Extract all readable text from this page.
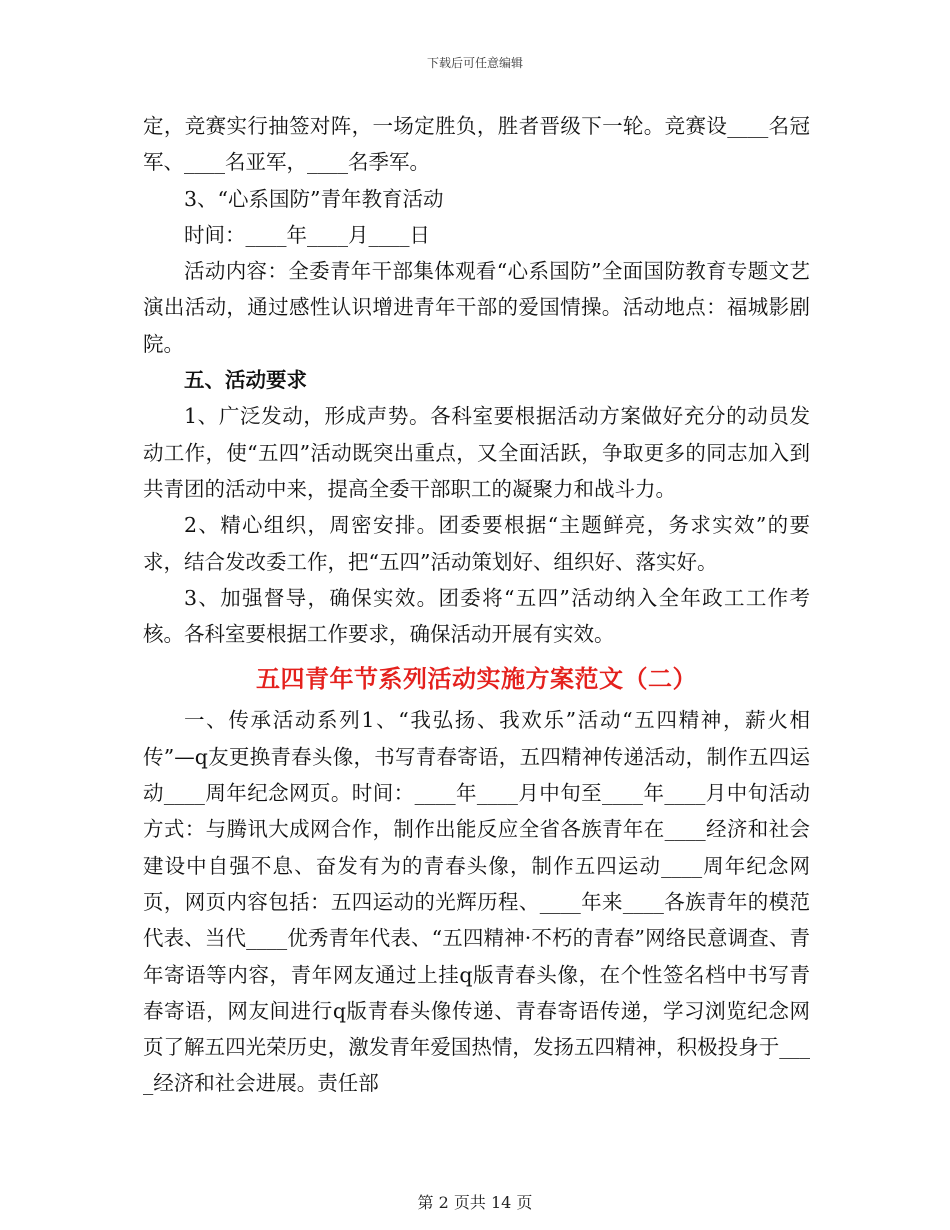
下载后可任意编辑

定，竞赛实行抽签对阵，一场定胜负，胜者晋级下一轮。竞赛设____名冠军、____名亚军，____名季军。

3、“心系国防”青年教育活动

时间：____年____月____日

活动内容：全委青年干部集体观看“心系国防”全面国防教育专题文艺演出活动，通过感性认识增进青年干部的爱国情操。活动地点：福城影剧院。

五、活动要求

1、广泛发动，形成声势。各科室要根据活动方案做好充分的动员发动工作，使“五四”活动既突出重点，又全面活跃，争取更多的同志加入到共青团的活动中来，提高全委干部职工的凝聚力和战斗力。

2、精心组织，周密安排。团委要根据“主题鲜亮，务求实效”的要求，结合发改委工作，把“五四”活动策划好、组织好、落实好。

3、加强督导，确保实效。团委将“五四”活动纳入全年政工工作考核。各科室要根据工作要求，确保活动开展有实效。

五四青年节系列活动实施方案范文（二）

一、传承活动系列1、“我弘扬、我欢乐”活动“五四精神，薪火相传”—q友更换青春头像，书写青春寄语，五四精神传递活动，制作五四运动____周年纪念网页。时间：____年____月中旬至____年____月中旬活动方式：与腾讯大成网合作，制作出能反应全省各族青年在____经济和社会建设中自强不息、奋发有为的青春头像，制作五四运动____周年纪念网页，网页内容包括：五四运动的光辉历程、____年来____各族青年的模范代表、当代____优秀青年代表、“五四精神·不朽的青春”网络民意调查、青年寄语等内容，青年网友通过上挂q版青春头像，在个性签名档中书写青春寄语，网友间进行q版青春头像传递、青春寄语传递，学习浏览纪念网页了解五四光荣历史，激发青年爱国热情，发扬五四精神，积极投身于____经济和社会进展。责任部

第 2 页共 14 页
